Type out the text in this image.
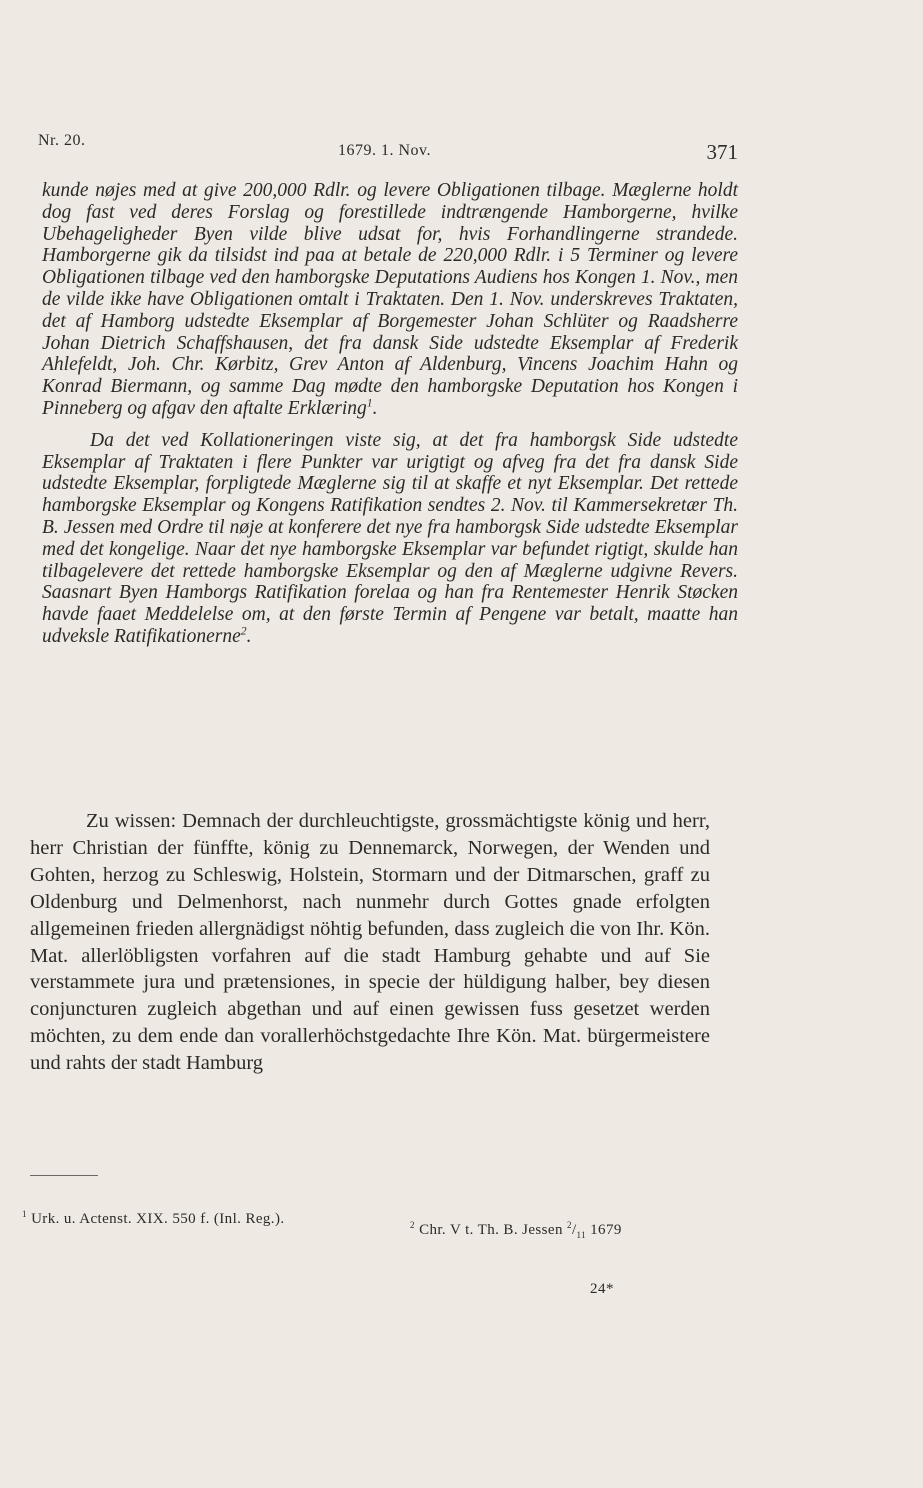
Nr. 20.
1679. 1. Nov.	371

kunde nøjes med at give 200,000 Rdlr. og levere Obligationen tilbage. Mæglerne holdt dog fast ved deres Forslag og forestillede indtrængende Hamborgerne, hvilke Ubehageligheder Byen vilde blive udsat for, hvis Forhandlingerne strandede. Hamborgerne gik da tilsidst ind paa at betale de 220,000 Rdlr. i 5 Terminer og levere Obligationen tilbage ved den hamborgske Deputations Audiens hos Kongen 1. Nov., men de vilde ikke have Obligationen omtalt i Traktaten. Den 1. Nov. underskreves Traktaten, det af Hamborg udstedte Eksemplar af Borgemester Johan Schlüter og Raadsherre Johan Dietrich Schaffshausen, det fra dansk Side udstedte Eksemplar af Frederik Ahlefeldt, Joh. Chr. Kørbitz, Grev Anton af Aldenburg, Vincens Joachim Hahn og Konrad Biermann, og samme Dag mødte den hamborgske Deputation hos Kongen i Pinneberg og afgav den aftalte Erklæring$^1$.

Da det ved Kollationeringen viste sig, at det fra hamborgsk Side udstedte Eksemplar af Traktaten i flere Punkter var urigtigt og afveg fra det fra dansk Side udstedte Eksemplar, forpligtede Mæglerne sig til at skaffe et nyt Eksemplar. Det rettede hamborgske Eksemplar og Kongens Ratifikation sendtes 2. Nov. til Kammersekretær Th. B. Jessen med Ordre til nøje at konferere det nye fra hamborgsk Side udstedte Eksemplar med det kongelige. Naar det nye hamborgske Eksemplar var befundet rigtigt, skulde han tilbagelevere det rettede hamborgske Eksemplar og den af Mæglerne udgivne Revers. Saasnart Byen Hamborgs Ratifikation forelaa og han fra Rentemester Henrik Støcken havde faaet Meddelelse om, at den første Termin af Pengene var betalt, maatte han udveksle Ratifikationerne$^2$.

Zu wissen: Demnach der durchleuchtigste, grossmächtigste könig und herr, herr Christian der fünffte, könig zu Dennemarck, Norwegen, der Wenden und Gohten, herzog zu Schleswig, Holstein, Stormarn und der Ditmarschen, graff zu Oldenburg und Delmenhorst, nach nunmehr durch Gottes gnade erfolgten allgemeinen frieden allergnädigst nöhtig befunden, dass zugleich die von Ihr. Kön. Mat. allerlöbligsten vorfahren auf die stadt Hamburg gehabte und auf Sie verstammete jura und prætensiones, in specie der hüldigung halber, bey diesen conjuncturen zugleich abgethan und auf einen gewissen fuss gesetzet werden möchten, zu dem ende dan vorallerhöchstgedachte Ihre Kön. Mat. bürgermeistere und rahts der stadt Hamburg

$^1$ Urk. u. Actenst. XIX. 550 f. (Inl. Reg.).	$^2$ Chr. V t. Th. B. Jessen $^2/_{11}$ 1679
24*
